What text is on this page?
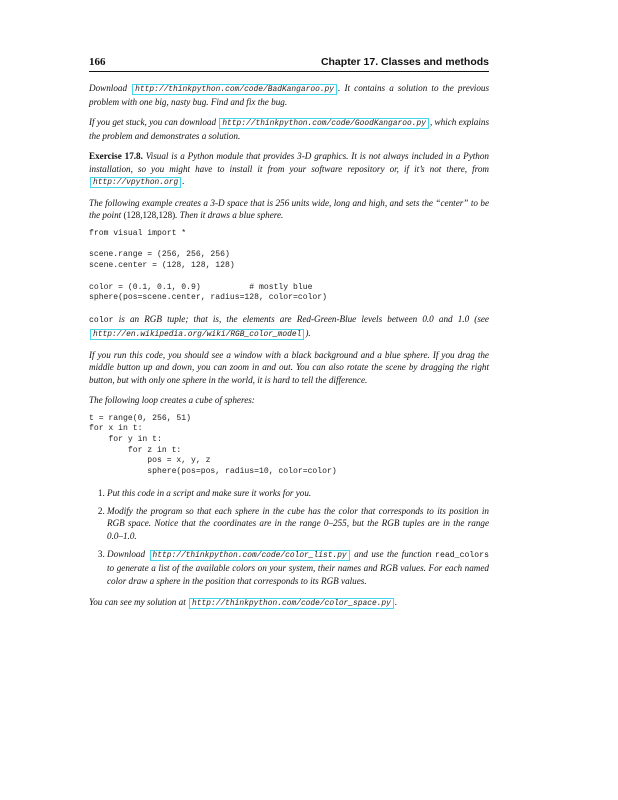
166	Chapter 17. Classes and methods

Download http://thinkpython.com/code/BadKangaroo.py . It contains a solution to the previous problem with one big, nasty bug. Find and fix the bug.

If you get stuck, you can download http://thinkpython.com/code/GoodKangaroo.py , which explains the problem and demonstrates a solution.

Exercise 17.8. Visual is a Python module that provides 3-D graphics. It is not always included in a Python installation, so you might have to install it from your software repository or, if it’s not there, from http://vpython.org .

The following example creates a 3-D space that is 256 units wide, long and high, and sets the “center” to be the point (128,128,128). Then it draws a blue sphere.

from visual import *

scene.range = (256, 256, 256)
scene.center = (128, 128, 128)

color = (0.1, 0.1, 0.9)          # mostly blue
sphere(pos=scene.center, radius=128, color=color)

color is an RGB tuple; that is, the elements are Red-Green-Blue levels between 0.0 and 1.0 (see http://en.wikipedia.org/wiki/RGB_color_model ).

If you run this code, you should see a window with a black background and a blue sphere. If you drag the middle button up and down, you can zoom in and out. You can also rotate the scene by dragging the right button, but with only one sphere in the world, it is hard to tell the difference.

The following loop creates a cube of spheres:

t = range(0, 256, 51)
for x in t:
for y in t:
for z in t:
pos = x, y, z
sphere(pos=pos, radius=10, color=color)
1. Put this code in a script and make sure it works for you.
2. Modify the program so that each sphere in the cube has the color that corresponds to its position in RGB space. Notice that the coordinates are in the range 0–255, but the RGB tuples are in the range 0.0–1.0.
3. Download http://thinkpython.com/code/color_list.py and use the function read_colors to generate a list of the available colors on your system, their names and RGB values. For each named color draw a sphere in the position that corresponds to its RGB values.

You can see my solution at http://thinkpython.com/code/color_space.py .
